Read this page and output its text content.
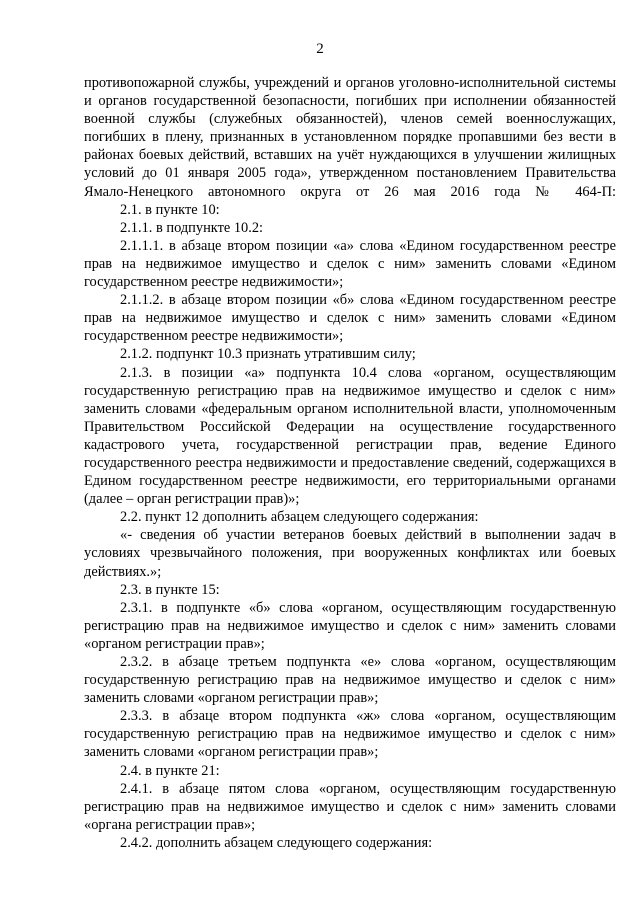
2

противопожарной службы, учреждений и органов уголовно-исполнительной системы и органов государственной безопасности, погибших при исполнении обязанностей военной службы (служебных обязанностей), членов семей военнослужащих, погибших в плену, признанных в установленном порядке пропавшими без вести в районах боевых действий, вставших на учёт нуждающихся в улучшении жилищных условий до 01 января 2005 года», утвержденном постановлением Правительства Ямало-Ненецкого автономного округа от 26 мая 2016 года № 464-П:

2.1. в пункте 10:

2.1.1. в подпункте 10.2:

2.1.1.1. в абзаце втором позиции «а» слова «Едином государственном реестре прав на недвижимое имущество и сделок с ним» заменить словами «Едином государственном реестре недвижимости»;

2.1.1.2. в абзаце втором позиции «б» слова «Едином государственном реестре прав на недвижимое имущество и сделок с ним» заменить словами «Едином государственном реестре недвижимости»;

2.1.2. подпункт 10.3 признать утратившим силу;

2.1.3. в позиции «а» подпункта 10.4 слова «органом, осуществляющим государственную регистрацию прав на недвижимое имущество и сделок с ним» заменить словами «федеральным органом исполнительной власти, уполномоченным Правительством Российской Федерации на осуществление государственного кадастрового учета, государственной регистрации прав, ведение Единого государственного реестра недвижимости и предоставление сведений, содержащихся в Едином государственном реестре недвижимости, его территориальными органами (далее – орган регистрации прав)»;

2.2. пункт 12 дополнить абзацем следующего содержания:

«- сведения об участии ветеранов боевых действий в выполнении задач в условиях чрезвычайного положения, при вооруженных конфликтах или боевых действиях.»;

2.3. в пункте 15:

2.3.1. в подпункте «б» слова «органом, осуществляющим государственную регистрацию прав на недвижимое имущество и сделок с ним» заменить словами «органом регистрации прав»;

2.3.2. в абзаце третьем подпункта «е» слова «органом, осуществляющим государственную регистрацию прав на недвижимое имущество и сделок с ним» заменить словами «органом регистрации прав»;

2.3.3. в абзаце втором подпункта «ж» слова «органом, осуществляющим государственную регистрацию прав на недвижимое имущество и сделок с ним» заменить словами «органом регистрации прав»;

2.4. в пункте 21:

2.4.1. в абзаце пятом слова «органом, осуществляющим государственную регистрацию прав на недвижимое имущество и сделок с ним» заменить словами «органа регистрации прав»;

2.4.2. дополнить абзацем следующего содержания:
